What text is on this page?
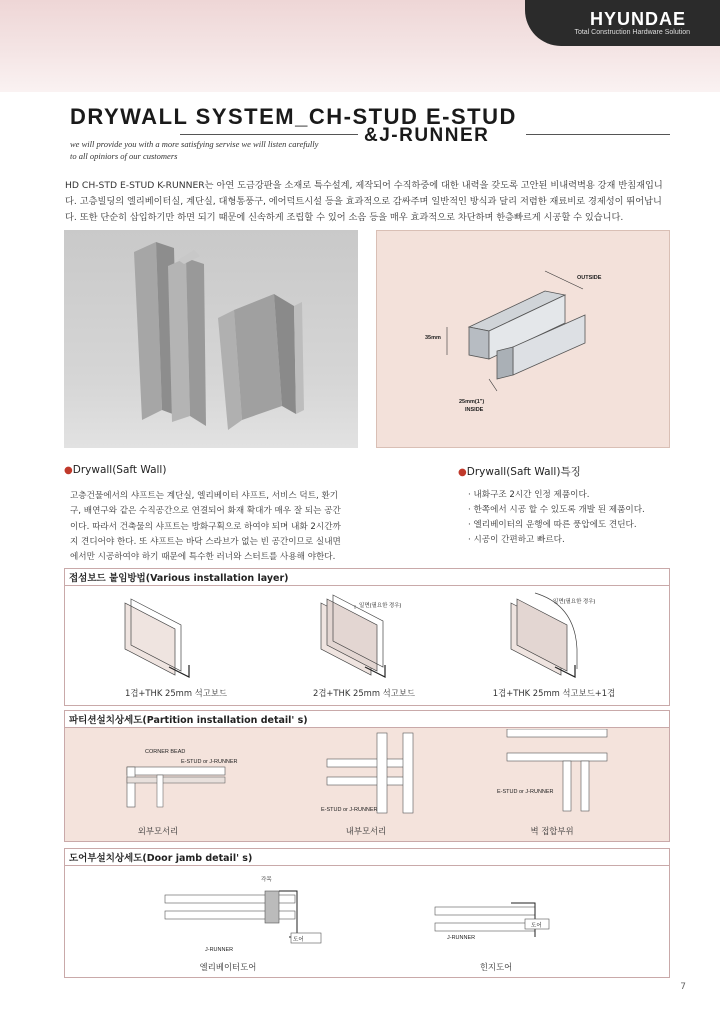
HYUNDAE
Total Construction Hardware Solution
DRYWALL SYSTEM_CH-STUD E-STUD
&J-RUNNER
we will provide you with a more satisfying servise we will listen carefully
to all opiniors of our customers
HD CH-STD E-STUD K-RUNNER는 아연 도금강판을 소재로 특수설계, 제작되어 수직하중에 대한 내력을 갖도록 고안된 비내력벽용 강재 반침재입니다. 고층빌딩의 엘리베이터실, 계단실, 대형통풍구, 에어덕트시설 등을 효과적으로 감싸주며 일반적인 방식과 달리 저렴한 재료비로 경제성이 뛰어납니다. 또한 단순히 삽입하기만 하면 되기 때문에 신속하게 조립할 수 있어 소음 등을 매우 효과적으로 차단하며 한층빠르게 시공할 수 있습니다.
OUTSIDE
35mm
25mm(1")
INSIDE
●Drywall(Saft Wall)	●Drywall(Saft Wall)특징
고층건물에서의 샤프트는 계단실, 엘리베이터 샤프트, 서비스 덕트, 환기구, 배연구와 같은 수직공간으로 연결되어 화재 확대가 매우 잘 되는 공간이다. 따라서 건축물의 샤프트는 방화구획으로 하여야 되며 내화 2시간까지 견디어야 한다. 또 샤프트는 바닥 스라브가 없는 빈 공간이므로 실내면에서만 시공하여야 하기 때문에 특수한 러너와 스터트를 사용해 야한다.
· 내화구조 2시간 인정 제품이다.
· 한쪽에서 시공 할 수 있도록 개발 된 제품이다.
· 엘리베이터의 운행에 따른 풍압에도 견딘다.
· 시공이 간편하고 빠르다.
접섬보드 붙임방법(Various installation layer)
일면(필요한 경우)
일면(필요한 경우)
1겹+THK 25mm 석고보드	2겹+THK 25mm 석고보드	1겹+THK 25mm 석고보드+1겹
파티션설치상세도(Partition installation detail' s)
CORNER BEAD
E-STUD or J-RUNNER
E-STUD or J-RUNNER
E-STUD or J-RUNNER
외부모서리	내부모서리	벽 접합부위
도어부설치상세도(Door jamb detail' s)
각목
J-RUNNER
도어	J-RUNNER
도어
엘리베이터도어	힌지도어
7
